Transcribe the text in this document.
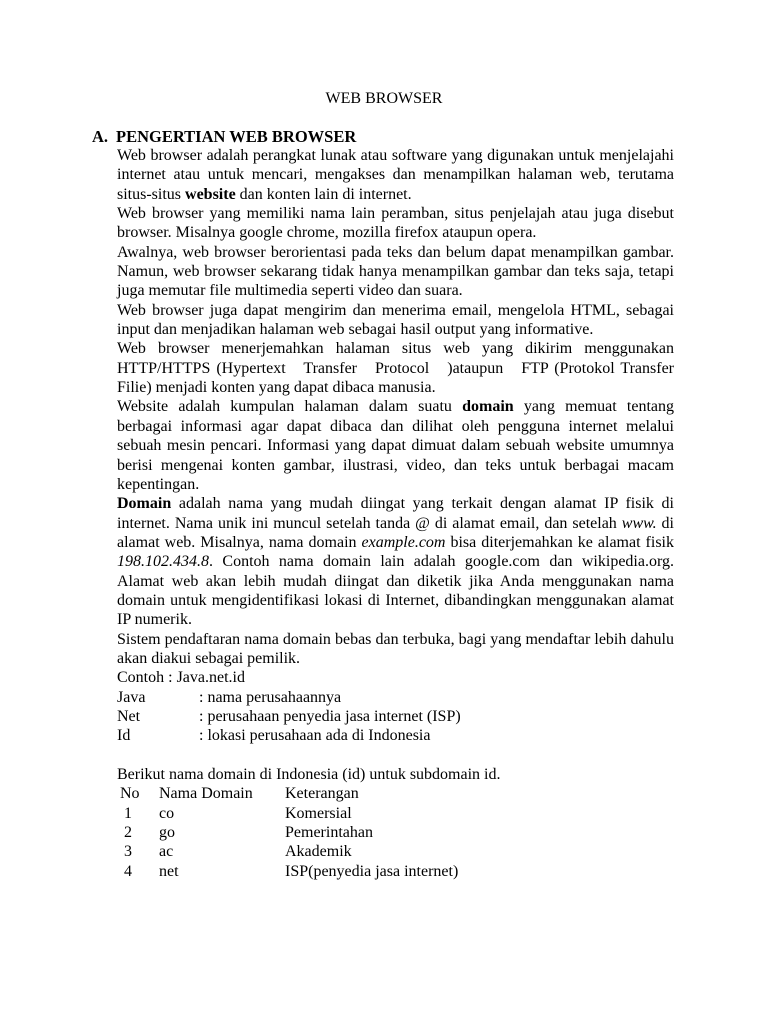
WEB BROWSER
A. PENGERTIAN WEB BROWSER

Web browser adalah perangkat lunak atau software yang digunakan untuk menjelajahi internet atau untuk mencari, mengakses dan menampilkan halaman web, terutama situs-situs website dan konten lain di internet.

Web browser yang memiliki nama lain peramban, situs penjelajah atau juga disebut browser. Misalnya google chrome, mozilla firefox ataupun opera.

Awalnya, web browser berorientasi pada teks dan belum dapat menampilkan gambar. Namun, web browser sekarang tidak hanya menampilkan gambar dan teks saja, tetapi juga memutar file multimedia seperti video dan suara.

Web browser juga dapat mengirim dan menerima email, mengelola HTML, sebagai input dan menjadikan halaman web sebagai hasil output yang informative.

Web browser menerjemahkan halaman situs web yang dikirim menggunakan HTTP/HTTPS (Hypertext   Transfer   Protocol   )ataupun   FTP (Protokol Transfer Filie) menjadi konten yang dapat dibaca manusia.

Website adalah kumpulan halaman dalam suatu domain yang memuat tentang berbagai informasi agar dapat dibaca dan dilihat oleh pengguna internet melalui sebuah mesin pencari. Informasi yang dapat dimuat dalam sebuah website umumnya berisi mengenai konten gambar, ilustrasi, video, dan teks untuk berbagai macam kepentingan.

Domain adalah nama yang mudah diingat yang terkait dengan alamat IP fisik di internet. Nama unik ini muncul setelah tanda @ di alamat email, dan setelah www. di alamat web. Misalnya, nama domain example.com bisa diterjemahkan ke alamat fisik 198.102.434.8. Contoh nama domain lain adalah google.com dan wikipedia.org. Alamat web akan lebih mudah diingat dan diketik jika Anda menggunakan nama domain untuk mengidentifikasi lokasi di Internet, dibandingkan menggunakan alamat IP numerik.

Sistem pendaftaran nama domain bebas dan terbuka, bagi yang mendaftar lebih dahulu akan diakui sebagai pemilik.

Contoh : Java.net.id
Java	: nama perusahaannya
Net	: perusahaan penyedia jasa internet (ISP)
Id	: lokasi perusahaan ada di Indonesia
Berikut nama domain di Indonesia (id) untuk subdomain id.
No	Nama Domain	Keterangan
1	co	Komersial
2	go	Pemerintahan
3	ac	Akademik
4	net	ISP(penyedia jasa internet)
